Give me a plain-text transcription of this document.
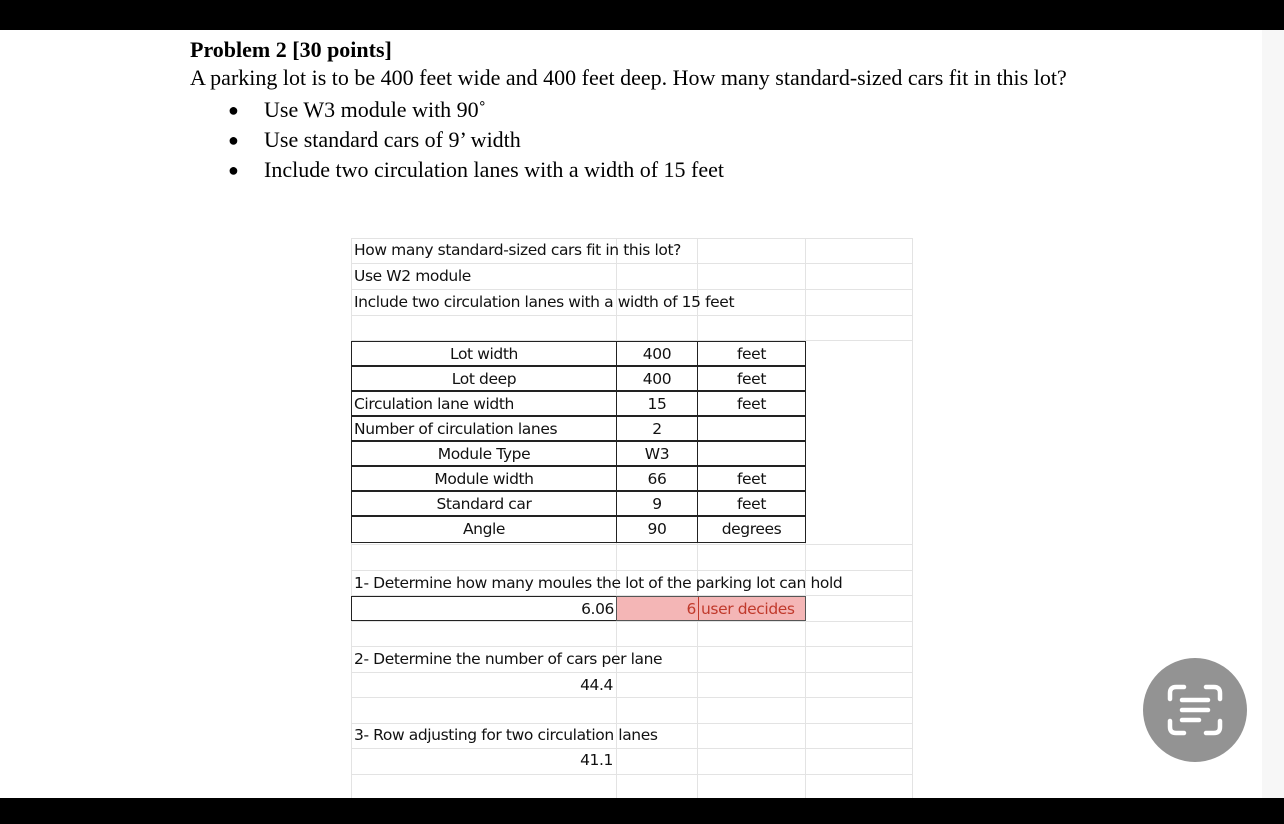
Problem 2 [30 points]

A parking lot is to be 400 feet wide and 400 feet deep. How many standard-sized cars fit in this lot?

● Use W3 module with 90˚
● Use standard cars of 9’ width
● Include two circulation lanes with a width of 15 feet
How many standard-sized cars fit in this lot?
Use W2 module
Include two circulation lanes with a width of 15 feet
Lot width	400	feet
Lot deep	400	feet
Circulation lane width	15	feet
Number of circulation lanes	2
Module Type	W3
Module width	66	feet
Standard car	9	feet
Angle	90	degrees
1- Determine how many moules the lot of the parking lot can hold
6.06	6 user decides
2- Determine the number of cars per lane
44.4
3- Row adjusting for two circulation lanes
41.1
